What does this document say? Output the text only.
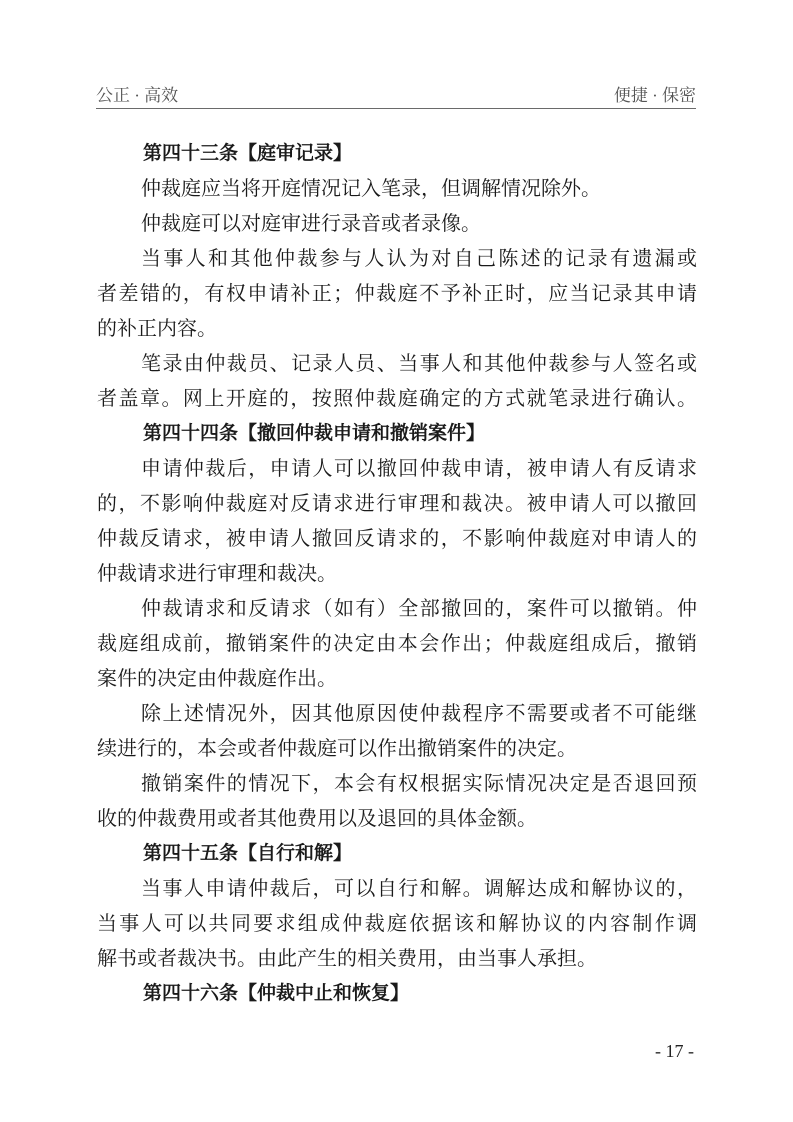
公正 · 高效	便捷 · 保密
第四十三条【庭审记录】
仲裁庭应当将开庭情况记入笔录，但调解情况除外。
仲裁庭可以对庭审进行录音或者录像。
当事人和其他仲裁参与人认为对自己陈述的记录有遗漏或
者差错的，有权申请补正；仲裁庭不予补正时，应当记录其申请
的补正内容。
笔录由仲裁员、记录人员、当事人和其他仲裁参与人签名或
者盖章。网上开庭的，按照仲裁庭确定的方式就笔录进行确认。
第四十四条【撤回仲裁申请和撤销案件】
申请仲裁后，申请人可以撤回仲裁申请，被申请人有反请求
的，不影响仲裁庭对反请求进行审理和裁决。被申请人可以撤回
仲裁反请求，被申请人撤回反请求的，不影响仲裁庭对申请人的
仲裁请求进行审理和裁决。
仲裁请求和反请求（如有）全部撤回的，案件可以撤销。仲
裁庭组成前，撤销案件的决定由本会作出；仲裁庭组成后，撤销
案件的决定由仲裁庭作出。
除上述情况外，因其他原因使仲裁程序不需要或者不可能继
续进行的，本会或者仲裁庭可以作出撤销案件的决定。
撤销案件的情况下，本会有权根据实际情况决定是否退回预
收的仲裁费用或者其他费用以及退回的具体金额。
第四十五条【自行和解】
当事人申请仲裁后，可以自行和解。调解达成和解协议的，
当事人可以共同要求组成仲裁庭依据该和解协议的内容制作调
解书或者裁决书。由此产生的相关费用，由当事人承担。
第四十六条【仲裁中止和恢复】
- 17 -
